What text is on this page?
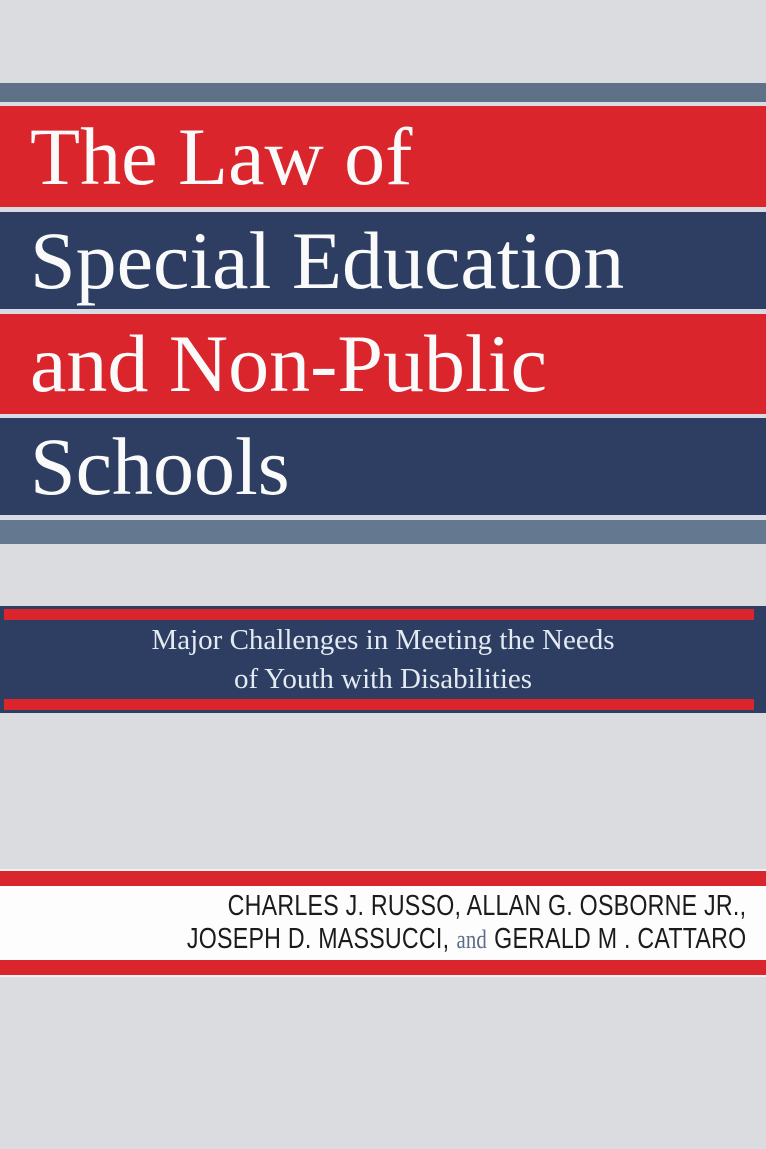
The Law of
Special Education
and Non-Public
Schools
Major Challenges in Meeting the Needs
of Youth with Disabilities
CHARLES J. RUSSO, ALLAN G. OSBORNE JR.,
JOSEPH D. MASSUCCI, and GERALD M . CATTARO
